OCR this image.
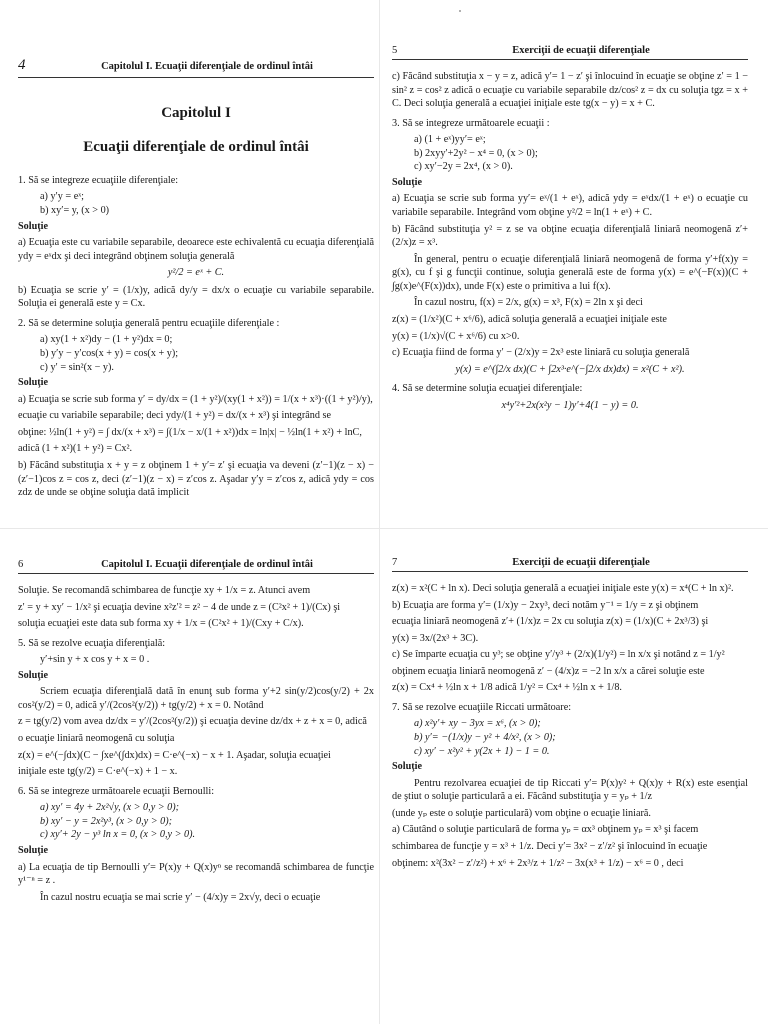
4	Capitolul I. Ecuaţii diferenţiale de ordinul întâi
Capitolul I
Ecuaţii diferenţiale de ordinul întâi

1. Să se integreze ecuaţiile diferenţiale:

a) y′y = eˣ;

b) xy′= y, (x > 0)

Soluţie

a) Ecuaţia este cu variabile separabile, deoarece este echivalentă cu ecuaţia diferenţială ydy = eˣdx şi deci integrând obţinem soluţia generală

y²/2 = eˣ + C.

b) Ecuaţia se scrie y′ = (1/x)y, adică dy/y = dx/x o ecuaţie cu variabile separabile. Soluţia ei generală este y = Cx.

2. Să se determine soluţia generală pentru ecuaţiile diferenţiale :

a) xy(1 + x²)dy − (1 + y²)dx = 0;

b) y′y − y′cos(x + y) = cos(x + y);

c) y′ = sin²(x − y).

Soluţie

a) Ecuaţia se scrie sub forma y′ = dy/dx = (1 + y²)/(xy(1 + x²)) = 1/(x + x³)·((1 + y²)/y),

ecuaţie cu variabile separabile; deci ydy/(1 + y²) = dx/(x + x³) şi integrând se

obţine: ½ln(1 + y²) = ∫ dx/(x + x³) = ∫(1/x − x/(1 + x²))dx = ln|x| − ½ln(1 + x²) + lnC,

adică (1 + x²)(1 + y²) = Cx².

b) Făcând substituţia x + y = z obţinem 1 + y′= z′ şi ecuaţia va deveni (z′−1)(z − x) − (z′−1)cos z = cos z, deci (z′−1)(z − x) = z′cos z. Aşadar y′y = z′cos z, adică ydy = cos zdz de unde se obţine soluţia dată implicit

5	Exerciţii de ecuaţii diferenţiale

c) Făcând substituţia x − y = z, adică y′= 1 − z′ şi înlocuind în ecuaţie se obţine z′ = 1 − sin² z = cos² z adică o ecuaţie cu variabile separabile dz/cos² z = dx cu soluţia tgz = x + C. Deci soluţia generală a ecuaţiei iniţiale este tg(x − y) = x + C.

3. Să se integreze următoarele ecuaţii :

a) (1 + eˣ)yy′= eˣ;

b) 2xyy′+2y² − x⁴ = 0, (x > 0);

c) xy′−2y = 2x⁴, (x > 0).

Soluţie

a) Ecuaţia se scrie sub forma yy′= eˣ/(1 + eˣ), adică ydy = eˣdx/(1 + eˣ) o ecuaţie cu variabile separabile. Integrând vom obţine y²/2 = ln(1 + eˣ) + C.

b) Făcând substituţia y² = z se va obţine ecuaţia diferenţială liniară neomogenă z′+ (2/x)z = x³.

În general, pentru o ecuaţie diferenţială liniară neomogenă de forma y′+f(x)y = g(x), cu f şi g funcţii continue, soluţia generală este de forma y(x) = e^(−F(x))(C + ∫g(x)e^(F(x))dx), unde F(x) este o primitiva a lui f(x).

În cazul nostru, f(x) = 2/x, g(x) = x³, F(x) = 2ln x şi deci

z(x) = (1/x²)(C + x⁶/6), adică soluţia generală a ecuaţiei iniţiale este

y(x) = (1/x)√(C + x⁶/6) cu x>0.

c) Ecuaţia fiind de forma y′ − (2/x)y = 2x³ este liniară cu soluţia generală

y(x) = e^(∫2/x dx)(C + ∫2x³·e^(−∫2/x dx)dx) = x²(C + x²).

4. Să se determine soluţia ecuaţiei diferenţiale:

x⁴y′²+2x(x²y − 1)y′+4(1 − y) = 0.

6	Capitolul I. Ecuaţii diferenţiale de ordinul întâi

Soluţie. Se recomandă schimbarea de funcţie xy + 1/x = z. Atunci avem

z′ = y + xy′ − 1/x² şi ecuaţia devine x²z′² = z² − 4 de unde z = (C²x² + 1)/(Cx) şi

soluţia ecuaţiei este data sub forma xy + 1/x = (C²x² + 1)/(Cxy + C/x).

5. Să se rezolve ecuaţia diferenţială:

y′+sin y + x cos y + x = 0 .

Soluţie

Scriem ecuaţia diferenţială dată în enunţ sub forma y′+2 sin(y/2)cos(y/2) + 2x cos²(y/2) = 0, adică y′/(2cos²(y/2)) + tg(y/2) + x = 0. Notând

z = tg(y/2) vom avea dz/dx = y′/(2cos²(y/2)) şi ecuaţia devine dz/dx + z + x = 0, adică

o ecuaţie liniară neomogenă cu soluţia

z(x) = e^(−∫dx)(C − ∫xe^(∫dx)dx) = C·e^(−x) − x + 1. Aşadar, soluţia ecuaţiei

iniţiale este tg(y/2) = C·e^(−x) + 1 − x.

6. Să se integreze următoarele ecuaţii Bernoulli:

a) xy′ = 4y + 2x²√y, (x > 0,y > 0);

b) xy′ − y = 2x²y³, (x > 0,y > 0);

c) xy′+ 2y − y³ ln x = 0, (x > 0,y > 0).

Soluţie

a) La ecuaţia de tip Bernoulli y′= P(x)y + Q(x)yⁿ se recomandă schimbarea de funcţie y¹⁻ⁿ = z .

În cazul nostru ecuaţia se mai scrie y′ − (4/x)y = 2x√y, deci o ecuaţie

7	Exerciţii de ecuaţii diferenţiale

z(x) = x²(C + ln x). Deci soluţia generală a ecuaţiei iniţiale este y(x) = x⁴(C + ln x)².

b) Ecuaţia are forma y′= (1/x)y − 2xy³, deci notăm y⁻¹ = 1/y = z şi obţinem

ecuaţia liniară neomogenă z′+ (1/x)z = 2x cu soluţia z(x) = (1/x)(C + 2x³/3) şi

y(x) = 3x/(2x³ + 3C).

c) Se împarte ecuaţia cu y³; se obţine y′/y³ + (2/x)(1/y²) = ln x/x şi notând z = 1/y²

obţinem ecuaţia liniară neomogenă z′ − (4/x)z = −2 ln x/x a cărei soluţie este

z(x) = Cx⁴ + ½ln x + 1/8 adică 1/y² = Cx⁴ + ½ln x + 1/8.

7. Să se rezolve ecuaţiile Riccati următoare:

a) x²y′+ xy − 3yx = x⁶, (x > 0);

b) y′= −(1/x)y − y² + 4/x², (x > 0);

c) xy′ − x²y² + y(2x + 1) − 1 = 0.

Soluţie

Pentru rezolvarea ecuaţiei de tip Riccati y′= P(x)y² + Q(x)y + R(x) este esenţial de ştiut o soluţie particulară a ei. Făcând substituţia y = yₚ + 1/z

(unde yₚ este o soluţie particulară) vom obţine o ecuaţie liniară.

a) Căutând o soluţie particulară de forma yₚ = αx³ obţinem yₚ = x³ şi facem

schimbarea de funcţie y = x³ + 1/z. Deci y′= 3x² − z′/z² şi înlocuind în ecuaţie

obţinem: x²(3x² − z′/z²) + x⁶ + 2x³/z + 1/z² − 3x(x³ + 1/z) − x⁶ = 0 , deci
